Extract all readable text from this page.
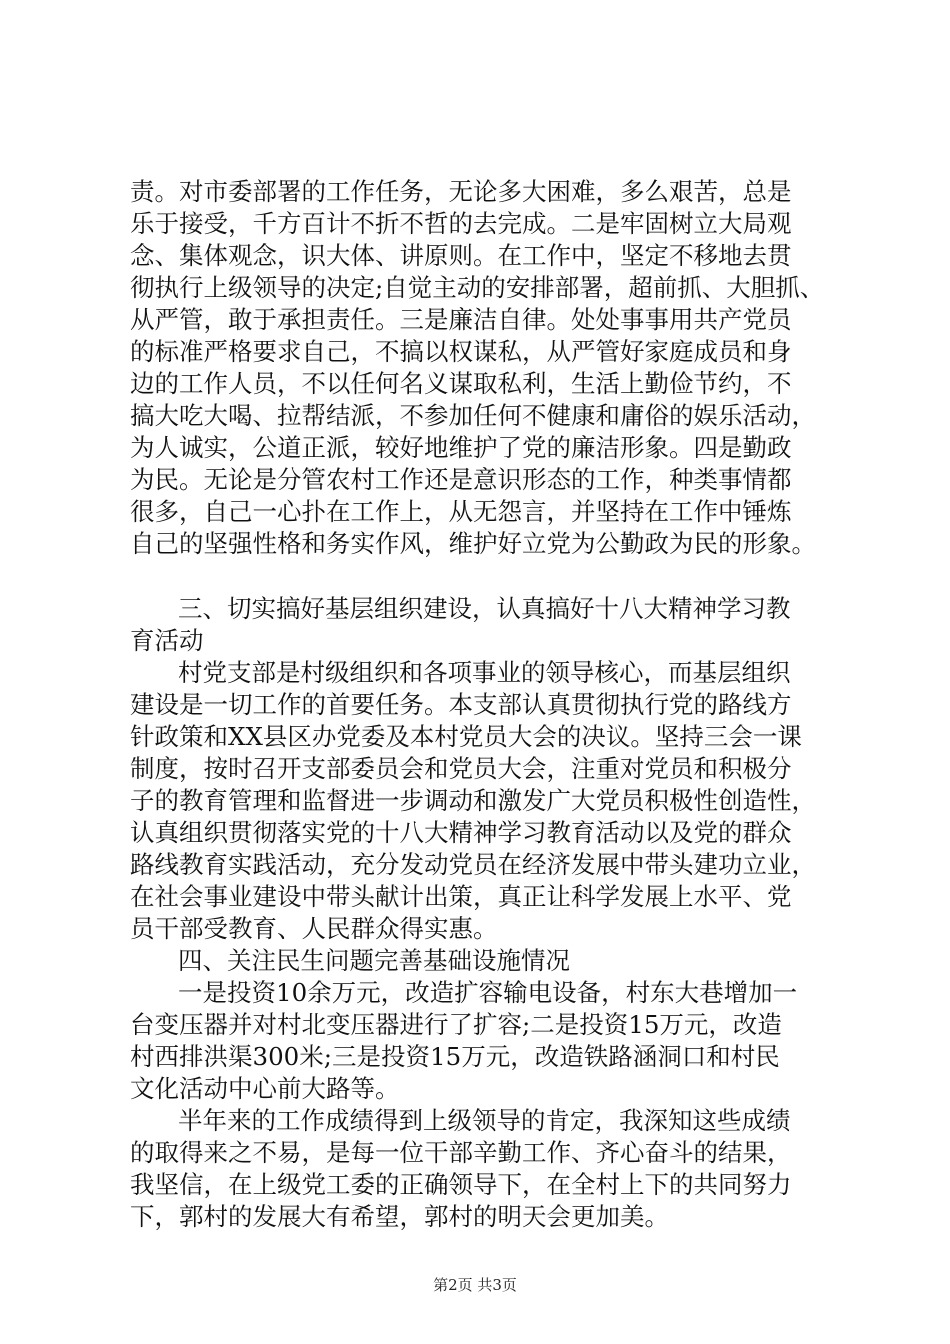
责。对市委部署的工作任务，无论多大困难，多么艰苦，总是
乐于接受，千方百计不折不哲的去完成。二是牢固树立大局观
念、集体观念，识大体、讲原则。在工作中，坚定不移地去贯
彻执行上级领导的决定;自觉主动的安排部署，超前抓、大胆抓、
从严管，敢于承担责任。三是廉洁自律。处处事事用共产党员
的标准严格要求自己，不搞以权谋私，从严管好家庭成员和身
边的工作人员，不以任何名义谋取私利，生活上勤俭节约，不
搞大吃大喝、拉帮结派，不参加任何不健康和庸俗的娱乐活动，
为人诚实，公道正派，较好地维护了党的廉洁形象。四是勤政
为民。无论是分管农村工作还是意识形态的工作，种类事情都
很多，自己一心扑在工作上，从无怨言，并坚持在工作中锤炼
自己的坚强性格和务实作风，维护好立党为公勤政为民的形象。
三、切实搞好基层组织建设，认真搞好十八大精神学习教
育活动
村党支部是村级组织和各项事业的领导核心，而基层组织
建设是一切工作的首要任务。本支部认真贯彻执行党的路线方
针政策和XX县区办党委及本村党员大会的决议。坚持三会一课
制度，按时召开支部委员会和党员大会，注重对党员和积极分
子的教育管理和监督进一步调动和激发广大党员积极性创造性，
认真组织贯彻落实党的十八大精神学习教育活动以及党的群众
路线教育实践活动，充分发动党员在经济发展中带头建功立业，
在社会事业建设中带头献计出策，真正让科学发展上水平、党
员干部受教育、人民群众得实惠。
四、关注民生问题完善基础设施情况
一是投资10余万元，改造扩容输电设备，村东大巷增加一
台变压器并对村北变压器进行了扩容;二是投资15万元，改造
村西排洪渠300米;三是投资15万元，改造铁路涵洞口和村民
文化活动中心前大路等。
半年来的工作成绩得到上级领导的肯定，我深知这些成绩
的取得来之不易，是每一位干部辛勤工作、齐心奋斗的结果，
我坚信，在上级党工委的正确领导下，在全村上下的共同努力
下，郭村的发展大有希望，郭村的明天会更加美。
第2页 共3页
